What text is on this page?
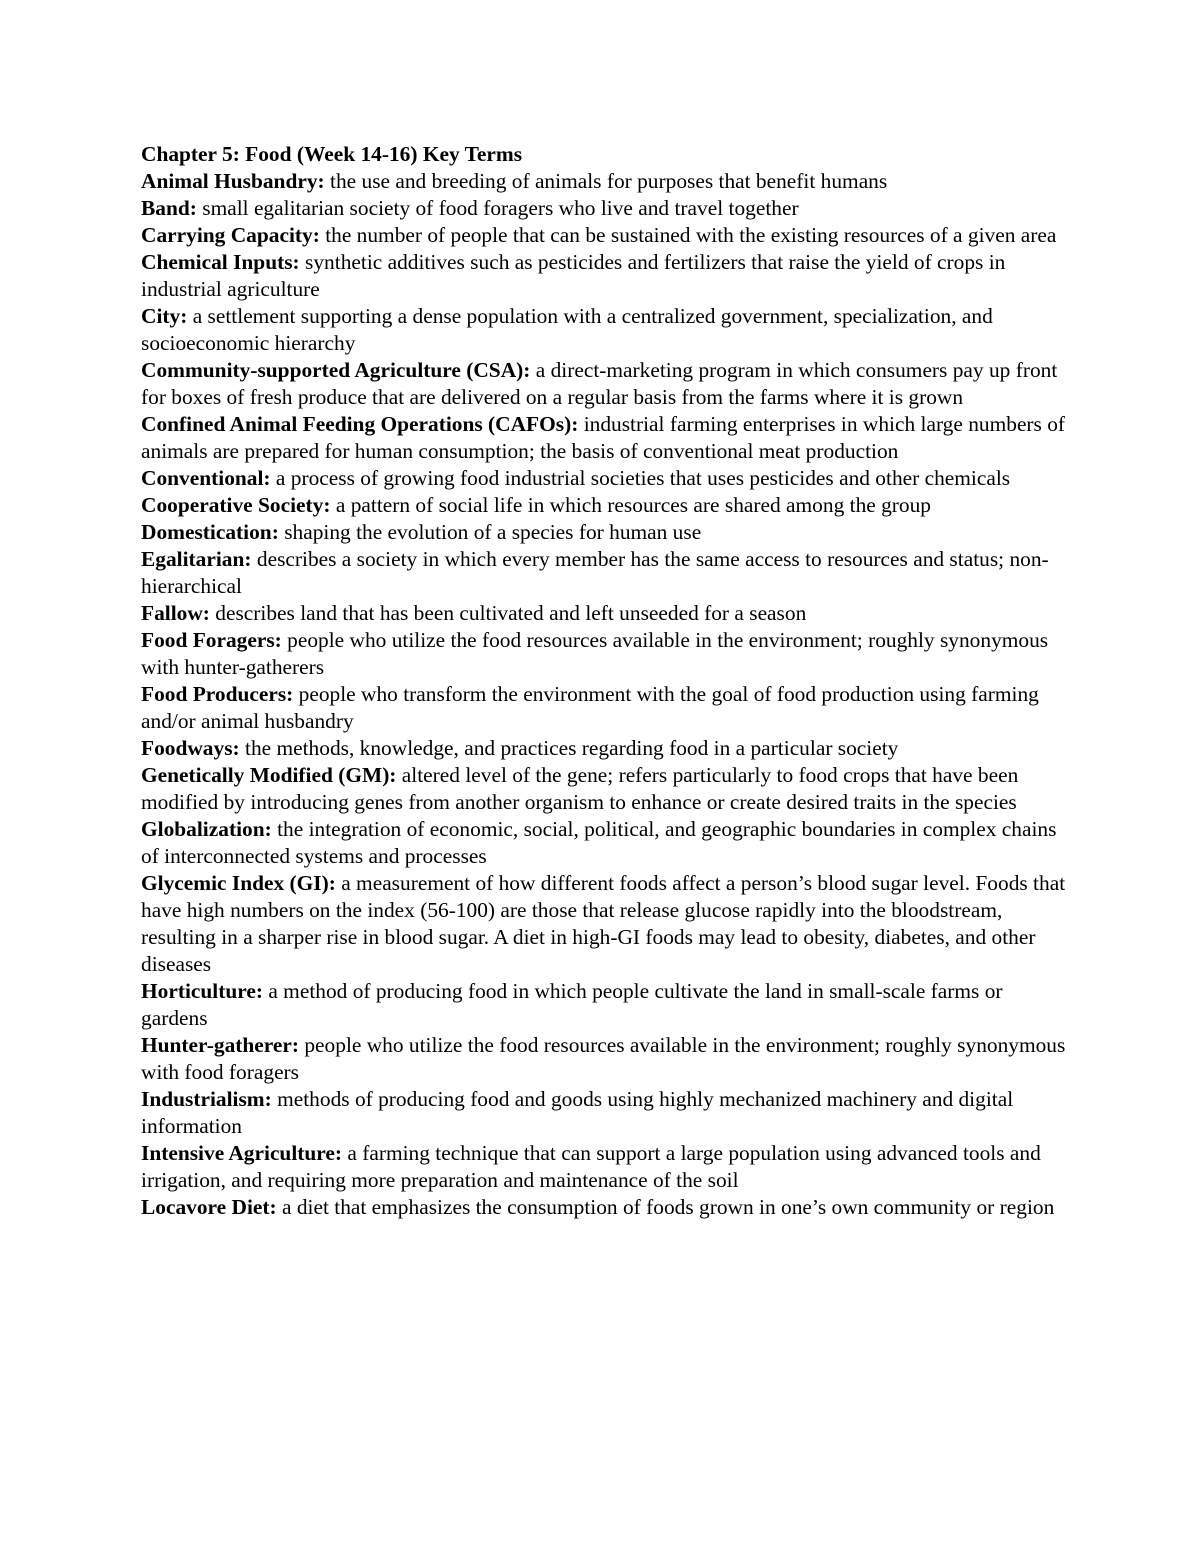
Chapter 5: Food (Week 14-16) Key Terms

Animal Husbandry: the use and breeding of animals for purposes that benefit humans

Band: small egalitarian society of food foragers who live and travel together

Carrying Capacity: the number of people that can be sustained with the existing resources of a given area

Chemical Inputs: synthetic additives such as pesticides and fertilizers that raise the yield of crops in industrial agriculture

City: a settlement supporting a dense population with a centralized government, specialization, and socioeconomic hierarchy

Community-supported Agriculture (CSA): a direct-marketing program in which consumers pay up front for boxes of fresh produce that are delivered on a regular basis from the farms where it is grown

Confined Animal Feeding Operations (CAFOs): industrial farming enterprises in which large numbers of animals are prepared for human consumption; the basis of conventional meat production

Conventional: a process of growing food industrial societies that uses pesticides and other chemicals

Cooperative Society: a pattern of social life in which resources are shared among the group

Domestication: shaping the evolution of a species for human use

Egalitarian: describes a society in which every member has the same access to resources and status; non-hierarchical

Fallow: describes land that has been cultivated and left unseeded for a season

Food Foragers: people who utilize the food resources available in the environment; roughly synonymous with hunter-gatherers

Food Producers: people who transform the environment with the goal of food production using farming and/or animal husbandry

Foodways: the methods, knowledge, and practices regarding food in a particular society

Genetically Modified (GM): altered level of the gene; refers particularly to food crops that have been modified by introducing genes from another organism to enhance or create desired traits in the species

Globalization: the integration of economic, social, political, and geographic boundaries in complex chains of interconnected systems and processes

Glycemic Index (GI): a measurement of how different foods affect a person’s blood sugar level. Foods that have high numbers on the index (56-100) are those that release glucose rapidly into the bloodstream, resulting in a sharper rise in blood sugar. A diet in high-GI foods may lead to obesity, diabetes, and other diseases

Horticulture: a method of producing food in which people cultivate the land in small-scale farms or gardens

Hunter-gatherer: people who utilize the food resources available in the environment; roughly synonymous with food foragers

Industrialism: methods of producing food and goods using highly mechanized machinery and digital information

Intensive Agriculture: a farming technique that can support a large population using advanced tools and irrigation, and requiring more preparation and maintenance of the soil

Locavore Diet: a diet that emphasizes the consumption of foods grown in one’s own community or region
